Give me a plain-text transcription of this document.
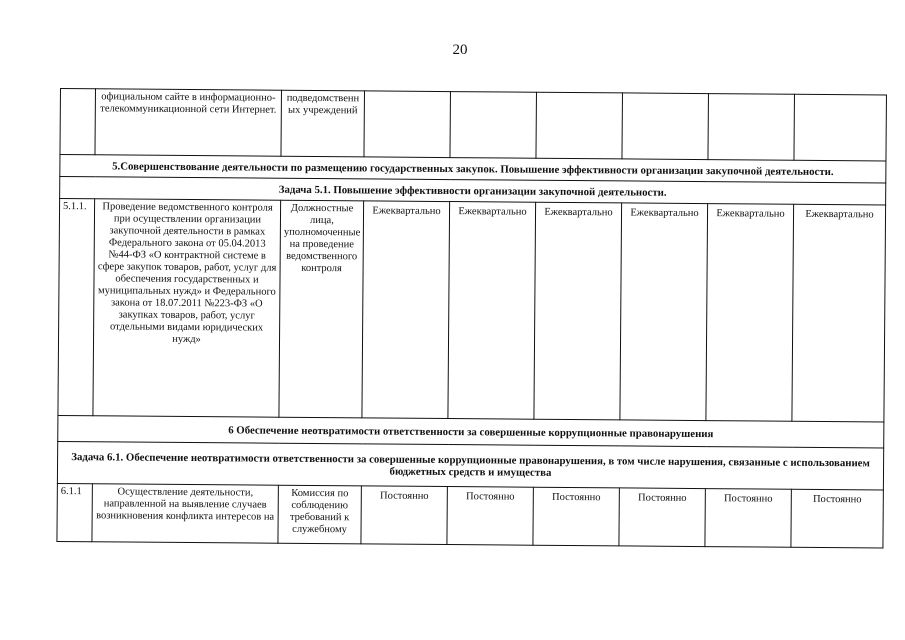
20
	официальном сайте в информационно-телекоммуникационной сети Интернет.	подведомственн ых учреждений						
5.Совершенствование деятельности по размещению государственных закупок. Повышение эффективности организации закупочной деятельности.								
Задача 5.1. Повышение эффективности организации закупочной деятельности.								
5.1.1.	Проведение ведомственного контроля при осуществлении организации закупочной деятельности в рамках Федерального закона от 05.04.2013 №44-ФЗ «О контрактной системе в сфере закупок товаров, работ, услуг для обеспечения государственных и муниципальных нужд» и Федерального закона от 18.07.2011 №223-ФЗ «О закупках товаров, работ, услуг отдельными видами юридических нужд»	Должностные лица, уполномоченные на проведение ведомственного контроля	Ежеквартально	Ежеквартально	Ежеквартально	Ежеквартально	Ежеквартально	Ежеквартально
6 Обеспечение неотвратимости ответственности за совершенные коррупционные правонарушения								
Задача 6.1. Обеспечение неотвратимости ответственности за совершенные коррупционные правонарушения, в том числе нарушения, связанные с использованием бюджетных средств и имущества								
6.1.1	Осуществление деятельности, направленной на выявление случаев возникновения конфликта интересов на	Комиссия по соблюдению требований к служебному	Постоянно	Постоянно	Постоянно	Постоянно	Постоянно	Постоянно
